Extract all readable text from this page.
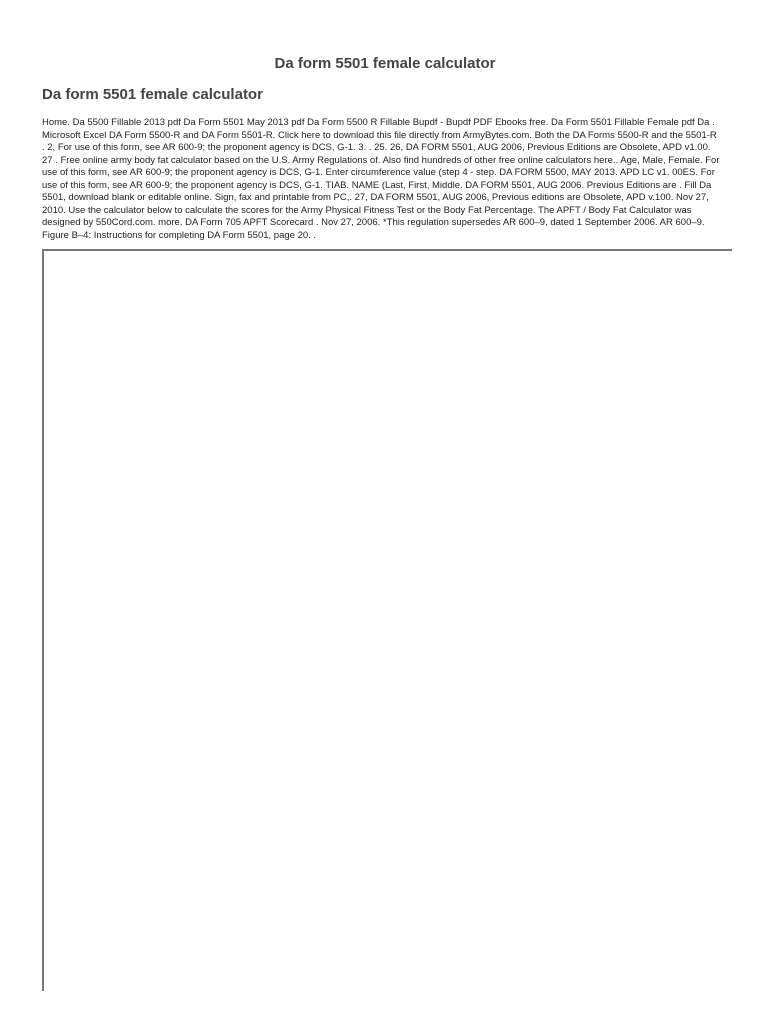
Da form 5501 female calculator
Da form 5501 female calculator

Home. Da 5500 Fillable 2013 pdf Da Form 5501 May 2013 pdf Da Form 5500 R Fillable Bupdf - Bupdf PDF Ebooks free. Da Form 5501 Fillable Female pdf Da . Microsoft Excel DA Form 5500-R and DA Form 5501-R. Click here to download this file directly from ArmyBytes.com. Both the DA Forms 5500-R and the 5501-R . 2, For use of this form, see AR 600-9; the proponent agency is DCS, G-1. 3. . 25. 26, DA FORM 5501, AUG 2006, Previous Editions are Obsolete, APD v1.00. 27 . Free online army body fat calculator based on the U.S. Army Regulations of. Also find hundreds of other free online calculators here.. Age, Male, Female. For use of this form, see AR 600-9; the proponent agency is DCS, G-1. Enter circumference value (step 4 - step. DA FORM 5500, MAY 2013. APD LC v1. 00ES. For use of this form, see AR 600-9; the proponent agency is DCS, G-1. TIAB. NAME (Last, First, Middle. DA FORM 5501, AUG 2006. Previous Editions are . Fill Da 5501, download blank or editable online. Sign, fax and printable from PC,. 27, DA FORM 5501, AUG 2006, Previous editions are Obsolete, APD v.100. Nov 27, 2010. Use the calculator below to calculate the scores for the Army Physical Fitness Test or the Body Fat Percentage. The APFT / Body Fat Calculator was designed by 550Cord.com. more. DA Form 705 APFT Scorecard . Nov 27, 2006. *This regulation supersedes AR 600–9, dated 1 September 2006. AR 600–9. Figure B–4: Instructions for completing DA Form 5501, page 20. .
